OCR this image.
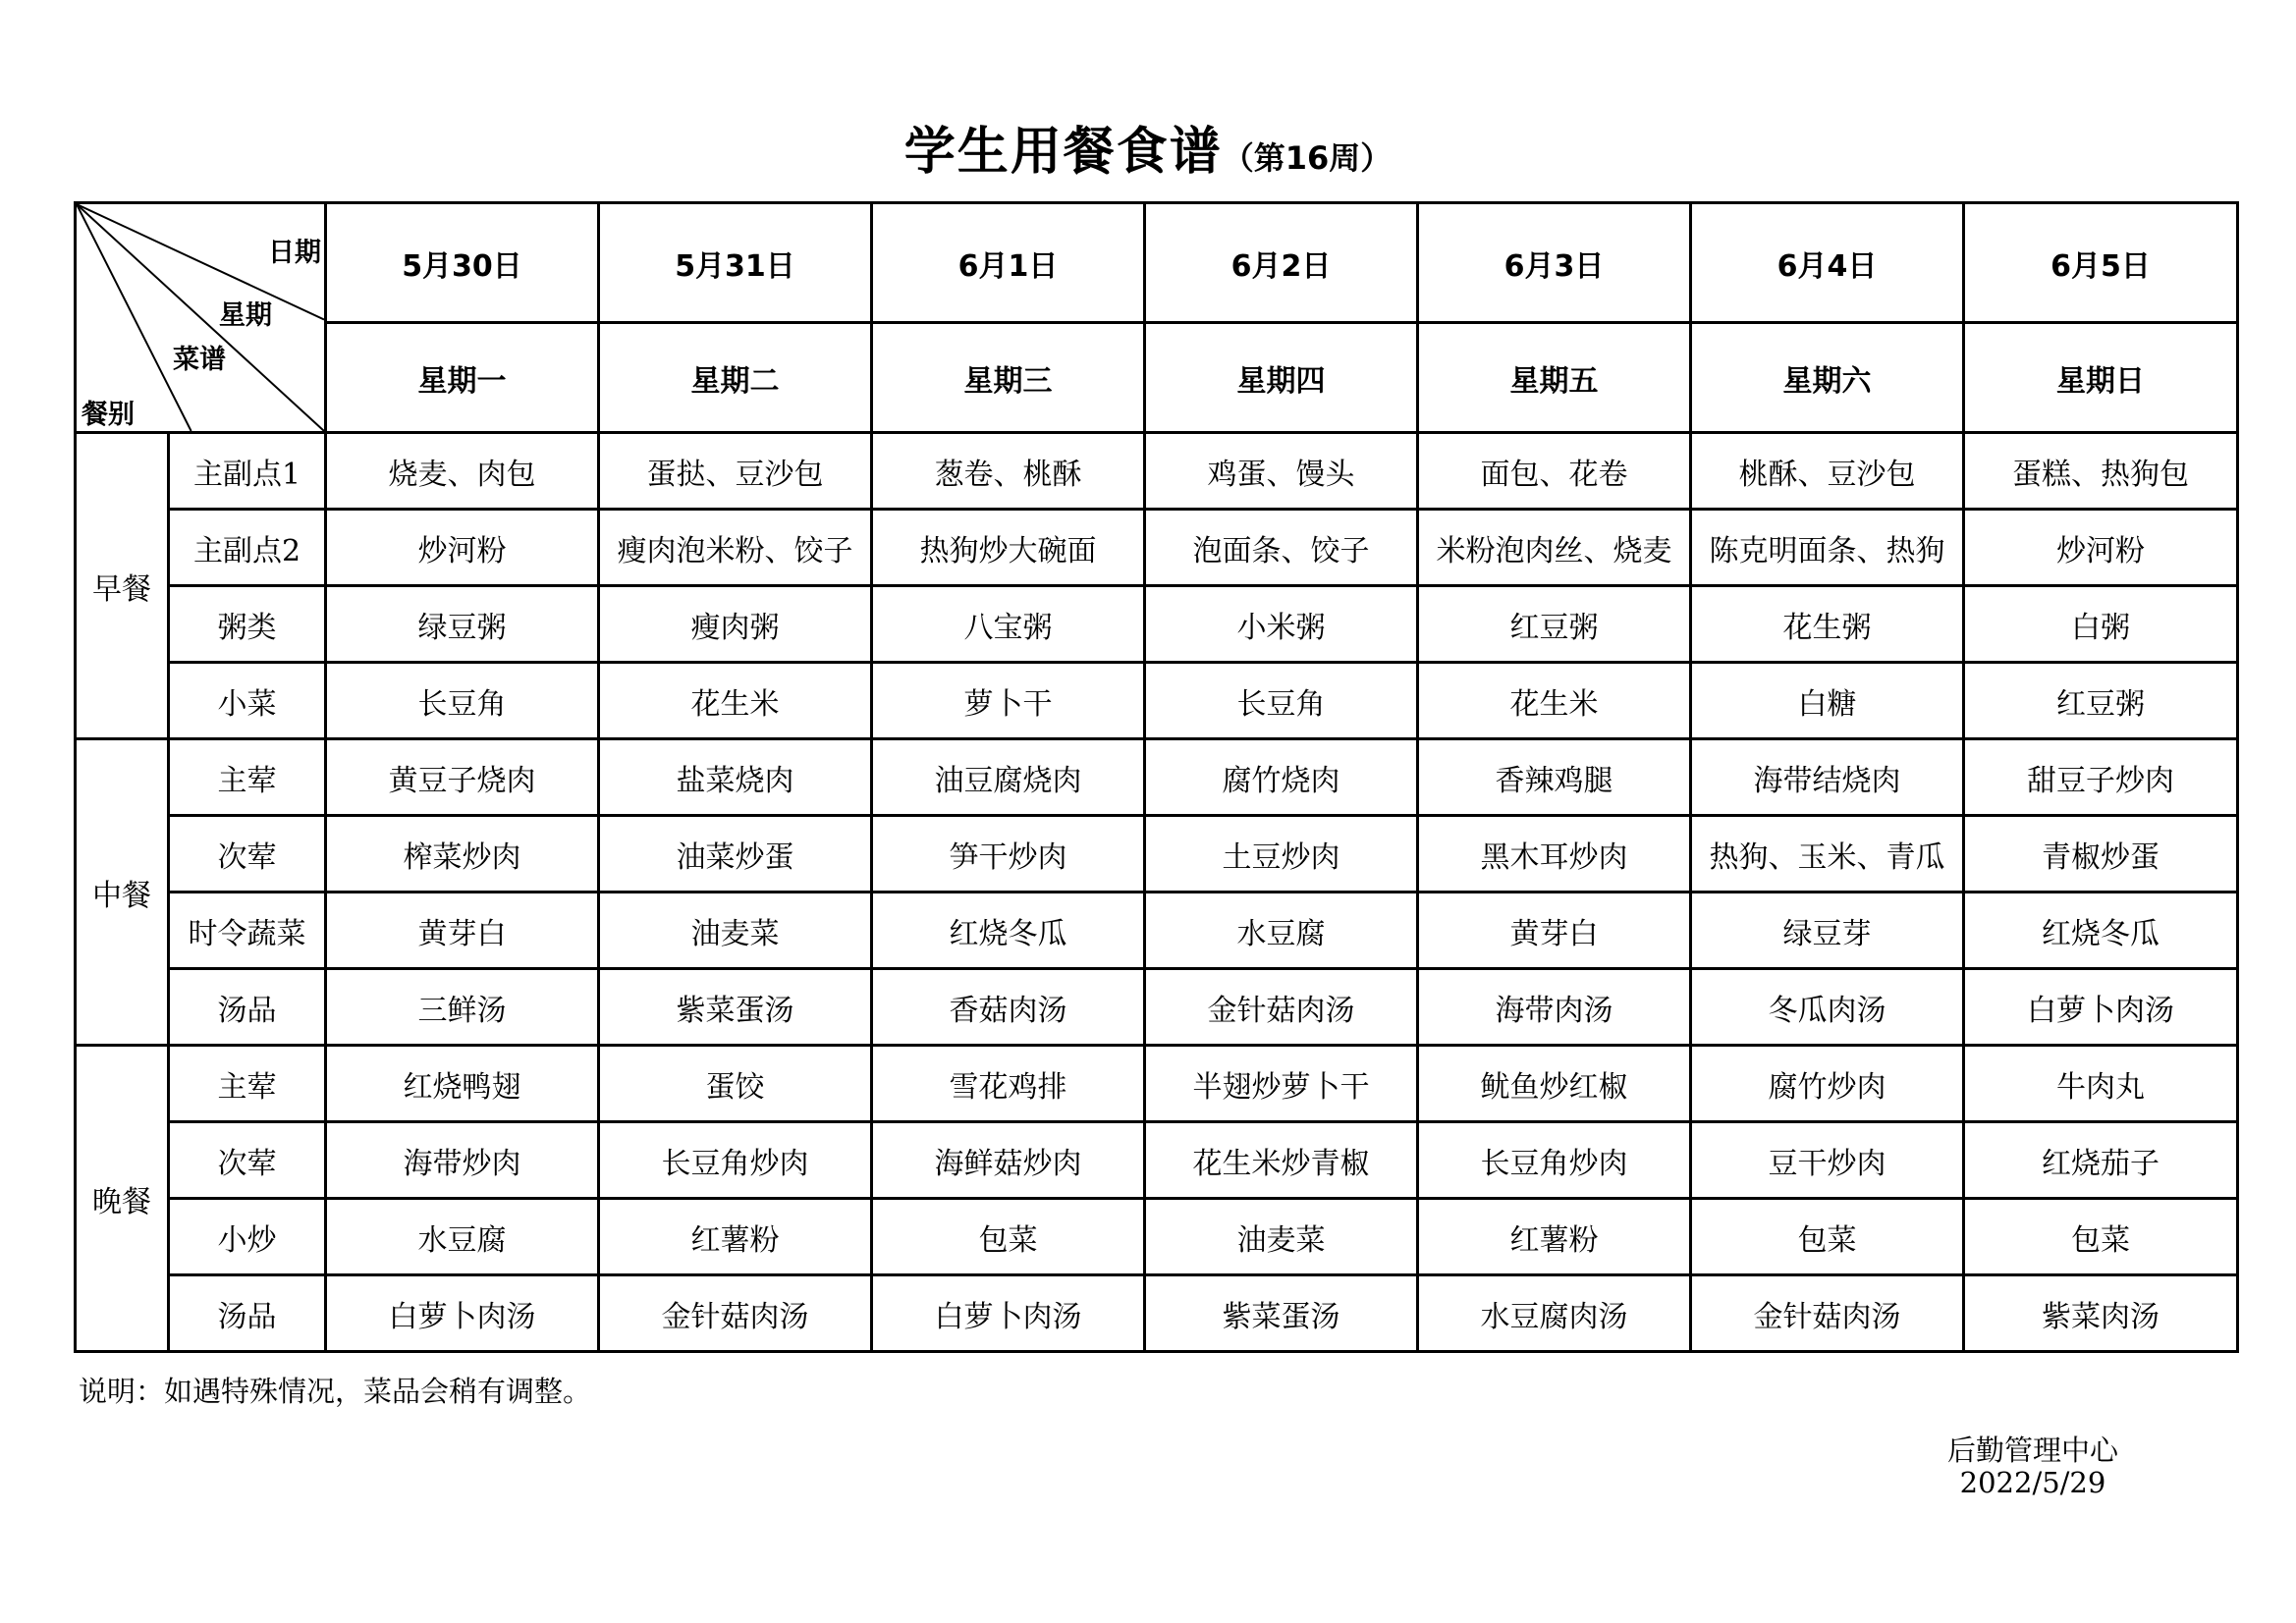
学生用餐食谱（第16周）
日期
星期
菜谱
餐别		5月30日	5月31日	6月1日	6月2日	6月3日	6月4日	6月5日
		星期一	星期二	星期三	星期四	星期五	星期六	星期日
早餐	主副点1	烧麦、肉包	蛋挞、豆沙包	葱卷、桃酥	鸡蛋、馒头	面包、花卷	桃酥、豆沙包	蛋糕、热狗包
	主副点2	炒河粉	瘦肉泡米粉、饺子	热狗炒大碗面	泡面条、饺子	米粉泡肉丝、烧麦	陈克明面条、热狗	炒河粉
	粥类	绿豆粥	瘦肉粥	八宝粥	小米粥	红豆粥	花生粥	白粥
	小菜	长豆角	花生米	萝卜干	长豆角	花生米	白糖	红豆粥
中餐	主荤	黄豆子烧肉	盐菜烧肉	油豆腐烧肉	腐竹烧肉	香辣鸡腿	海带结烧肉	甜豆子炒肉
	次荤	榨菜炒肉	油菜炒蛋	笋干炒肉	土豆炒肉	黑木耳炒肉	热狗、玉米、青瓜	青椒炒蛋
	时令蔬菜	黄芽白	油麦菜	红烧冬瓜	水豆腐	黄芽白	绿豆芽	红烧冬瓜
	汤品	三鲜汤	紫菜蛋汤	香菇肉汤	金针菇肉汤	海带肉汤	冬瓜肉汤	白萝卜肉汤
晚餐	主荤	红烧鸭翅	蛋饺	雪花鸡排	半翅炒萝卜干	鱿鱼炒红椒	腐竹炒肉	牛肉丸
	次荤	海带炒肉	长豆角炒肉	海鲜菇炒肉	花生米炒青椒	长豆角炒肉	豆干炒肉	红烧茄子
	小炒	水豆腐	红薯粉	包菜	油麦菜	红薯粉	包菜	包菜
	汤品	白萝卜肉汤	金针菇肉汤	白萝卜肉汤	紫菜蛋汤	水豆腐肉汤	金针菇肉汤	紫菜肉汤
说明：如遇特殊情况，菜品会稍有调整。
后勤管理中心
2022/5/29
